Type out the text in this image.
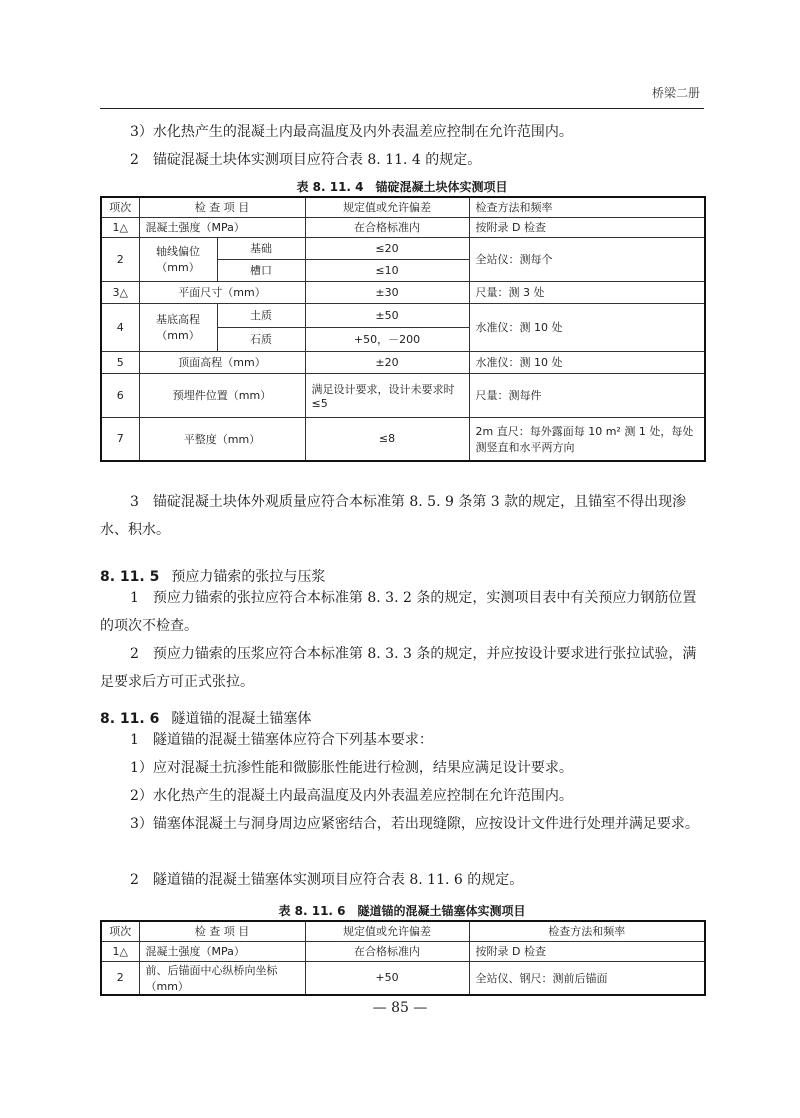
桥梁二册

3）水化热产生的混凝土内最高温度及内外表温差应控制在允许范围内。

2　锚碇混凝土块体实测项目应符合表 8. 11. 4 的规定。

表 8. 11. 4　锚碇混凝土块体实测项目

项次	检 查 项 目		规定值或允许偏差	检查方法和频率
1△	混凝土强度（MPa）		在合格标准内	按附录 D 检查
2	轴线偏位（mm）	基础	≤20	全站仪：测每个
		槽口	≤10	
3△	平面尺寸（mm）		±30	尺量：测 3 处
4	基底高程（mm）	土质	±50	水准仪：测 10 处
		石质	+50，－200	
5	顶面高程（mm）		±20	水准仪：测 10 处
6	预埋件位置（mm）		满足设计要求，设计未要求时≤5	尺量：测每件
7	平整度（mm）		≤8	2m 直尺：每外露面每 10 m² 测 1 处，每处测竖直和水平两方向

3　锚碇混凝土块体外观质量应符合本标准第 8. 5. 9 条第 3 款的规定，且锚室不得出现渗水、积水。

8. 11. 5 预应力锚索的张拉与压浆

1　预应力锚索的张拉应符合本标准第 8. 3. 2 条的规定，实测项目表中有关预应力钢筋位置的项次不检查。

2　预应力锚索的压浆应符合本标准第 8. 3. 3 条的规定，并应按设计要求进行张拉试验，满足要求后方可正式张拉。

8. 11. 6 隧道锚的混凝土锚塞体

1　隧道锚的混凝土锚塞体应符合下列基本要求：

1）应对混凝土抗渗性能和微膨胀性能进行检测，结果应满足设计要求。

2）水化热产生的混凝土内最高温度及内外表温差应控制在允许范围内。

3）锚塞体混凝土与洞身周边应紧密结合，若出现缝隙，应按设计文件进行处理并满足要求。

2　隧道锚的混凝土锚塞体实测项目应符合表 8. 11. 6 的规定。

表 8. 11. 6　隧道锚的混凝土锚塞体实测项目

项次	检 查 项 目	规定值或允许偏差	检查方法和频率
1△	混凝土强度（MPa）	在合格标准内	按附录 D 检查
2	前、后锚面中心纵桥向坐标（mm）	+50	全站仪、钢尺：测前后锚面
— 85 —
